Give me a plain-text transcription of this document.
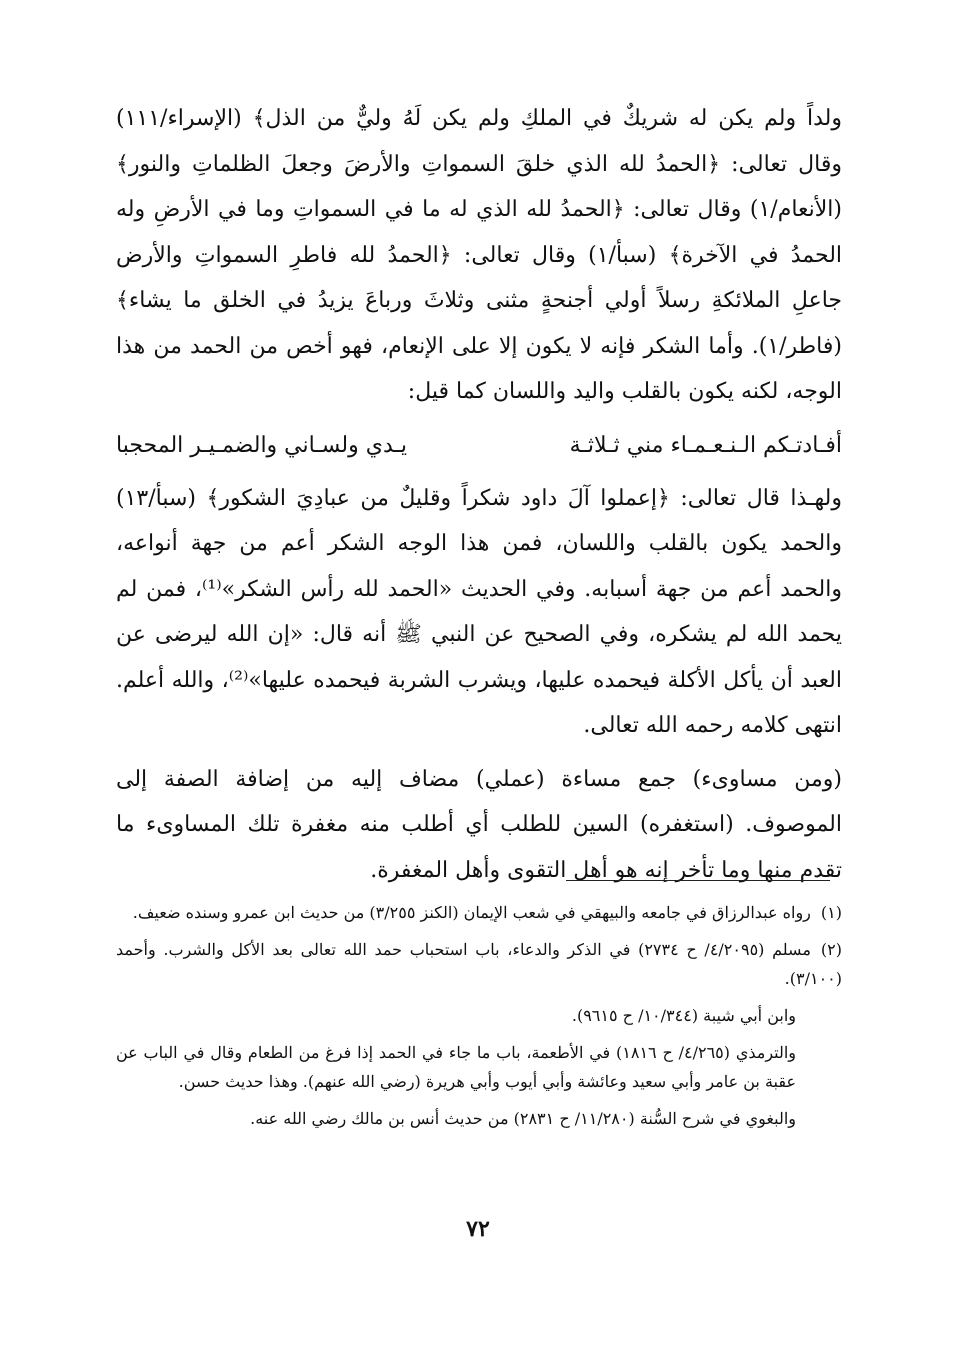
ولداً ولم يكن له شريكٌ في الملكِ ولم يكن لَهُ وليٌّ من الذل﴾ (الإسراء/١١١) وقال تعالى: ﴿الحمدُ لله الذي خلقَ السمواتِ والأرضَ وجعلَ الظلماتِ والنور﴾ (الأنعام/١) وقال تعالى: ﴿الحمدُ لله الذي له ما في السمواتِ وما في الأرضِ وله الحمدُ في الآخرة﴾ (سبأ/١) وقال تعالى: ﴿الحمدُ لله فاطرِ السمواتِ والأرض جاعلِ الملائكةِ رسلاً أولي أجنحةٍ مثنى وثلاثَ ورباعَ يزيدُ في الخلق ما يشاء﴾ (فاطر/١). وأما الشكر فإنه لا يكون إلا على الإنعام، فهو أخص من الحمد من هذا الوجه، لكنه يكون بالقلب واليد واللسان كما قيل:

أفـادتـكم الـنـعـمـاء مني ثـلاثـة
يـدي ولسـاني والضمـيـر المحجبا

ولهـذا قال تعالى: ﴿إعملوا آلَ داود شكراً وقليلٌ من عبادِيَ الشكور﴾ (سبأ/١٣) والحمد يكون بالقلب واللسان، فمن هذا الوجه الشكر أعم من جهة أنواعه، والحمد أعم من جهة أسبابه. وفي الحديث «الحمد لله رأس الشكر»⁽¹⁾، فمن لم يحمد الله لم يشكره، وفي الصحيح عن النبي ﷺ أنه قال: «إن الله ليرضى عن العبد أن يأكل الأكلة فيحمده عليها، ويشرب الشربة فيحمده عليها»⁽²⁾، والله أعلم. انتهى كلامه رحمه الله تعالى.

(ومن مساوىء) جمع مساءة (عملي) مضاف إليه من إضافة الصفة إلى الموصوف. (استغفره) السين للطلب أي أطلب منه مغفرة تلك المساوىء ما تقدم منها وما تأخر إنه هو أهل التقوى وأهل المغفرة.

(١)رواه عبدالرزاق في جامعه والبيهقي في شعب الإيمان (الكنز ٣/٢٥٥) من حديث ابن عمرو وسنده ضعيف.

(٢)مسلم (٤/٢٠٩٥/ ح ٢٧٣٤) في الذكر والدعاء، باب استحباب حمد الله تعالى بعد الأكل والشرب. وأحمد (٣/١٠٠).

وابن أبي شيبة (١٠/٣٤٤/ ح ٩٦١٥).

والترمذي (٤/٢٦٥/ ح ١٨١٦) في الأطعمة، باب ما جاء في الحمد إذا فرغ من الطعام وقال في الباب عن عقبة بن عامر وأبي سعيد وعائشة وأبي أيوب وأبي هريرة (رضي الله عنهم). وهذا حديث حسن.

والبغوي في شرح السُّنة (١١/٢٨٠/ ح ٢٨٣١) من حديث أنس بن مالك رضي الله عنه.

٧٢
